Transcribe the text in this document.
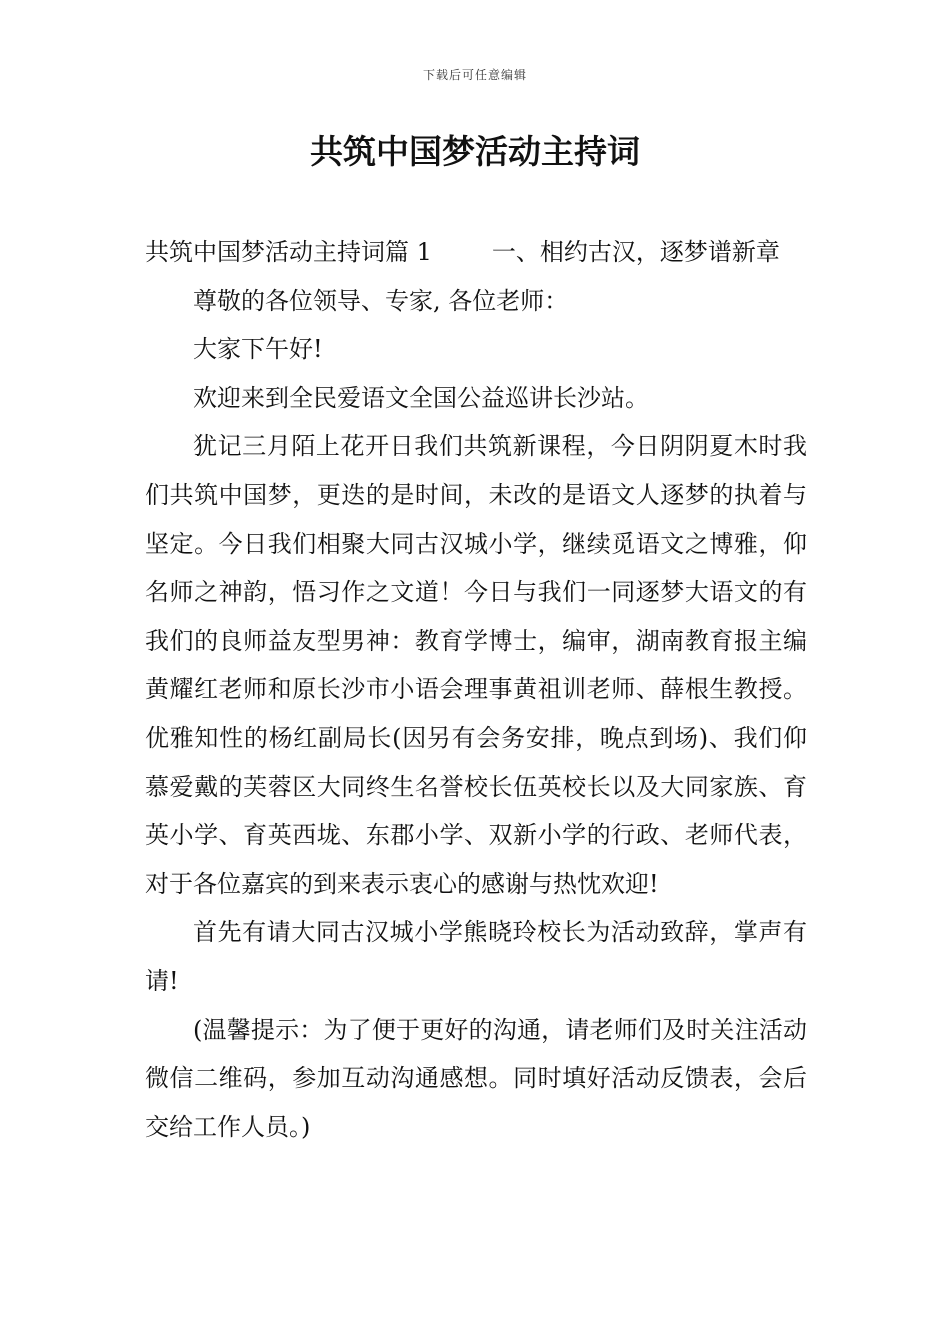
下载后可任意编辑
共筑中国梦活动主持词

共筑中国梦活动主持词篇 1	一、相约古汉，逐梦谱新章

尊敬的各位领导、专家, 各位老师：

大家下午好!

欢迎来到全民爱语文全国公益巡讲长沙站。

犹记三月陌上花开日我们共筑新课程，今日阴阴夏木时我们共筑中国梦，更迭的是时间，未改的是语文人逐梦的执着与坚定。今日我们相聚大同古汉城小学，继续觅语文之博雅，仰名师之神韵，悟习作之文道！今日与我们一同逐梦大语文的有我们的良师益友型男神：教育学博士，编审，湖南教育报主编黄耀红老师和原长沙市小语会理事黄祖训老师、薛根生教授。优雅知性的杨红副局长(因另有会务安排，晚点到场)、我们仰慕爱戴的芙蓉区大同终生名誉校长伍英校长以及大同家族、育英小学、育英西垅、东郡小学、双新小学的行政、老师代表，对于各位嘉宾的到来表示衷心的感谢与热忱欢迎!

首先有请大同古汉城小学熊晓玲校长为活动致辞，掌声有请!

(温馨提示：为了便于更好的沟通，请老师们及时关注活动微信二维码，参加互动沟通感想。同时填好活动反馈表，会后交给工作人员。)
